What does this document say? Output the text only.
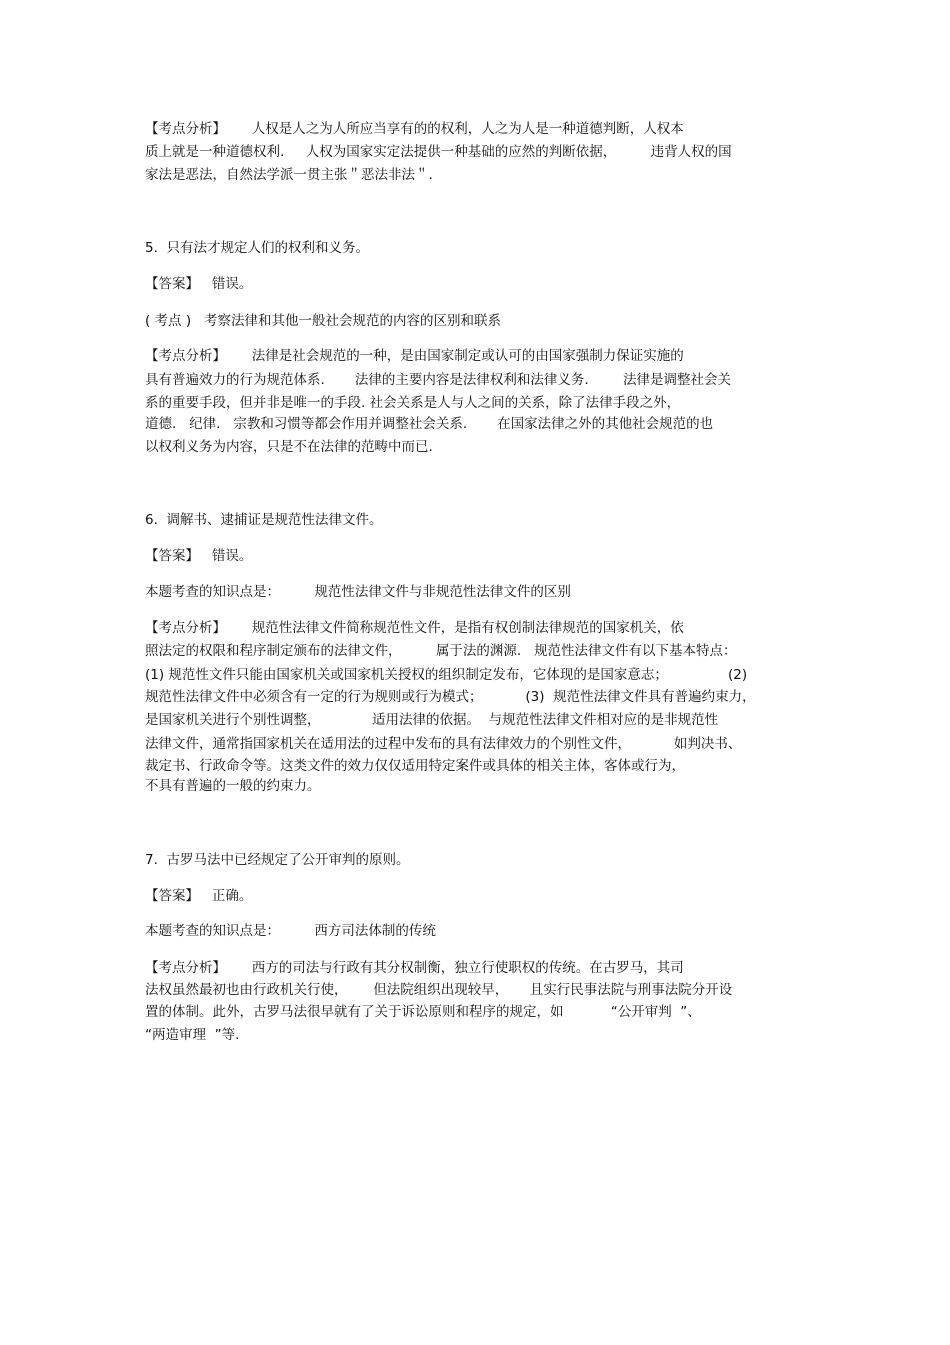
【考点分析】      人权是人之为人所应当享有的的权利，人之为人是一种道德判断，人权本
质上就是一种道德权利.     人权为国家实定法提供一种基础的应然的判断依据，        违背人权的国
家法是恶法，自然法学派一贯主张＂恶法非法＂.
5.  只有法才规定人们的权利和义务。
【答案】   错误。
( 考点 )   考察法律和其他一般社会规范的内容的区别和联系
【考点分析】      法律是社会规范的一种，是由国家制定或认可的由国家强制力保证实施的
具有普遍效力的行为规范体系.       法律的主要内容是法律权利和法律义务.        法律是调整社会关
系的重要手段，但并非是唯一的手段. 社会关系是人与人之间的关系，除了法律手段之外，
道德.   纪律.   宗教和习惯等都会作用并调整社会关系.       在国家法律之外的其他社会规范的也
以权利义务为内容，只是不在法律的范畴中而已.
6.  调解书、逮捕证是规范性法律文件。
【答案】   错误。
本题考查的知识点是：        规范性法律文件与非规范性法律文件的区别
【考点分析】      规范性法律文件简称规范性文件，是指有权创制法律规范的国家机关，依
照法定的权限和程序制定颁布的法律文件，        属于法的渊源.   规范性法律文件有以下基本特点：
(1) 规范性文件只能由国家机关或国家机关授权的组织制定发布，它体现的是国家意志；              (2)
规范性法律文件中必须含有一定的行为规则或行为模式；          (3)  规范性法律文件具有普遍约束力，
是国家机关进行个别性调整，            适用法律的依据。  与规范性法律文件相对应的是非规范性
法律文件，通常指国家机关在适用法的过程中发布的具有法律效力的个别性文件，          如判决书、
裁定书、行政命令等。这类文件的效力仅仅适用特定案件或具体的相关主体，客体或行为，
不具有普遍的一般的约束力。
7.  古罗马法中已经规定了公开审判的原则。
【答案】   正确。
本题考查的知识点是：        西方司法体制的传统
【考点分析】      西方的司法与行政有其分权制衡，独立行使职权的传统。在古罗马，其司
法权虽然最初也由行政机关行使，      但法院组织出现较早，     且实行民事法院与刑事法院分开设
置的体制。此外，古罗马法很早就有了关于诉讼原则和程序的规定，如           “公开审判  ”、
“两造审理  ”等.
